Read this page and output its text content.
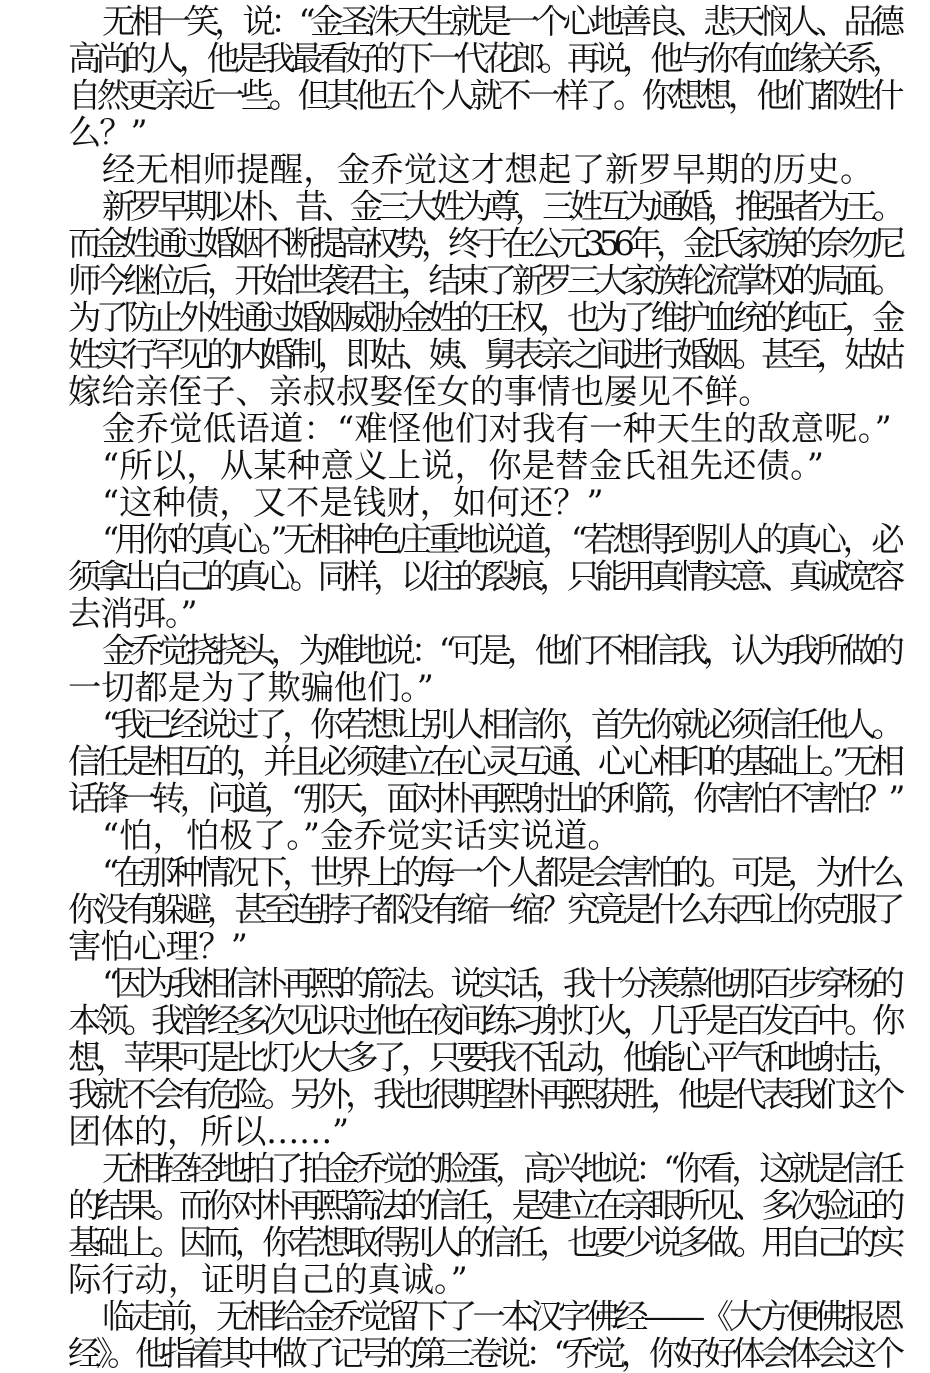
无相一笑，说：“金圣洙天生就是一个心地善良、悲天悯人、品德
高尚的人，他是我最看好的下一代花郎。再说，他与你有血缘关系，
自然更亲近一些。但其他五个人就不一样了。你想想，他们都姓什
么？”
经无相师提醒，金乔觉这才想起了新罗早期的历史。
新罗早期以朴、昔、金三大姓为尊，三姓互为通婚，推强者为王。
而金姓通过婚姻不断提高权势，终于在公元356年，金氏家族的奈勿尼
师今继位后，开始世袭君主，结束了新罗三大家族轮流掌权的局面。
为了防止外姓通过婚姻威胁金姓的王权，也为了维护血统的纯正，金
姓实行罕见的内婚制，即姑、姨、舅表亲之间进行婚姻。甚至，姑姑
嫁给亲侄子、亲叔叔娶侄女的事情也屡见不鲜。
金乔觉低语道：“难怪他们对我有一种天生的敌意呢。”
“所以，从某种意义上说，你是替金氏祖先还债。”
“这种债，又不是钱财，如何还？”
“用你的真心。”无相神色庄重地说道，“若想得到别人的真心，必
须拿出自己的真心。同样，以往的裂痕，只能用真情实意、真诚宽容
去消弭。”
金乔觉挠挠头，为难地说：“可是，他们不相信我，认为我所做的
一切都是为了欺骗他们。”
“我已经说过了，你若想让别人相信你，首先你就必须信任他人。
信任是相互的，并且必须建立在心灵互通、心心相印的基础上。”无相
话锋一转，问道，“那天，面对朴再熙射出的利箭，你害怕不害怕？”
“怕，怕极了。”金乔觉实话实说道。
“在那种情况下，世界上的每一个人都是会害怕的。可是，为什么
你没有躲避，甚至连脖子都没有缩一缩？究竟是什么东西让你克服了
害怕心理？”
“因为我相信朴再熙的箭法。说实话，我十分羡慕他那百步穿杨的
本领。我曾经多次见识过他在夜间练习射灯火，几乎是百发百中。你
想，苹果可是比灯火大多了，只要我不乱动，他能心平气和地射击，
我就不会有危险。另外，我也很期望朴再熙获胜，他是代表我们这个
团体的，所以……”
无相轻轻地拍了拍金乔觉的脸蛋，高兴地说：“你看，这就是信任
的结果。而你对朴再熙箭法的信任，是建立在亲眼所见、多次验证的
基础上。因而，你若想取得别人的信任，也要少说多做。用自己的实
际行动，证明自己的真诚。”
临走前，无相给金乔觉留下了一本汉字佛经——《大方便佛报恩
经》。他指着其中做了记号的第三卷说：“乔觉，你好好体会体会这个
